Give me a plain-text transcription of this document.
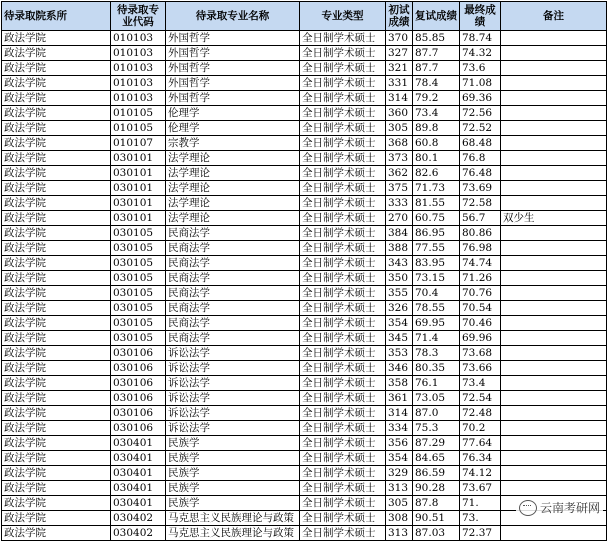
待录取院系所	待录取专业代码	待录取专业名称	专业类型	初试成绩	复试成绩	最终成绩	备注
政法学院	010103	外国哲学	全日制学术硕士	370	85.85	78.74	
政法学院	010103	外国哲学	全日制学术硕士	327	87.7	74.32	
政法学院	010103	外国哲学	全日制学术硕士	321	87.7	73.6	
政法学院	010103	外国哲学	全日制学术硕士	331	78.4	71.08	
政法学院	010103	外国哲学	全日制学术硕士	314	79.2	69.36	
政法学院	010105	伦理学	全日制学术硕士	360	73.4	72.56	
政法学院	010105	伦理学	全日制学术硕士	305	89.8	72.52	
政法学院	010107	宗教学	全日制学术硕士	368	60.8	68.48	
政法学院	030101	法学理论	全日制学术硕士	373	80.1	76.8	
政法学院	030101	法学理论	全日制学术硕士	362	82.6	76.48	
政法学院	030101	法学理论	全日制学术硕士	375	71.73	73.69	
政法学院	030101	法学理论	全日制学术硕士	333	81.55	72.58	
政法学院	030101	法学理论	全日制学术硕士	270	60.75	56.7	双少生
政法学院	030105	民商法学	全日制学术硕士	384	86.95	80.86	
政法学院	030105	民商法学	全日制学术硕士	388	77.55	76.98	
政法学院	030105	民商法学	全日制学术硕士	343	83.95	74.74	
政法学院	030105	民商法学	全日制学术硕士	350	73.15	71.26	
政法学院	030105	民商法学	全日制学术硕士	355	70.4	70.76	
政法学院	030105	民商法学	全日制学术硕士	326	78.55	70.54	
政法学院	030105	民商法学	全日制学术硕士	354	69.95	70.46	
政法学院	030105	民商法学	全日制学术硕士	345	71.4	69.96	
政法学院	030106	诉讼法学	全日制学术硕士	353	78.3	73.68	
政法学院	030106	诉讼法学	全日制学术硕士	346	80.35	73.66	
政法学院	030106	诉讼法学	全日制学术硕士	358	76.1	73.4	
政法学院	030106	诉讼法学	全日制学术硕士	361	73.05	72.54	
政法学院	030106	诉讼法学	全日制学术硕士	314	87.0	72.48	
政法学院	030106	诉讼法学	全日制学术硕士	334	75.3	70.2	
政法学院	030401	民族学	全日制学术硕士	356	87.29	77.64	
政法学院	030401	民族学	全日制学术硕士	354	84.65	76.34	
政法学院	030401	民族学	全日制学术硕士	329	86.59	74.12	
政法学院	030401	民族学	全日制学术硕士	313	90.28	73.67	
政法学院	030401	民族学	全日制学术硕士	305	87.8	71.	
政法学院	030402	马克思主义民族理论与政策	全日制学术硕士	308	90.51	73.	
政法学院	030402	马克思主义民族理论与政策	全日制学术硕士	313	87.03	72.37	
云南考研网
